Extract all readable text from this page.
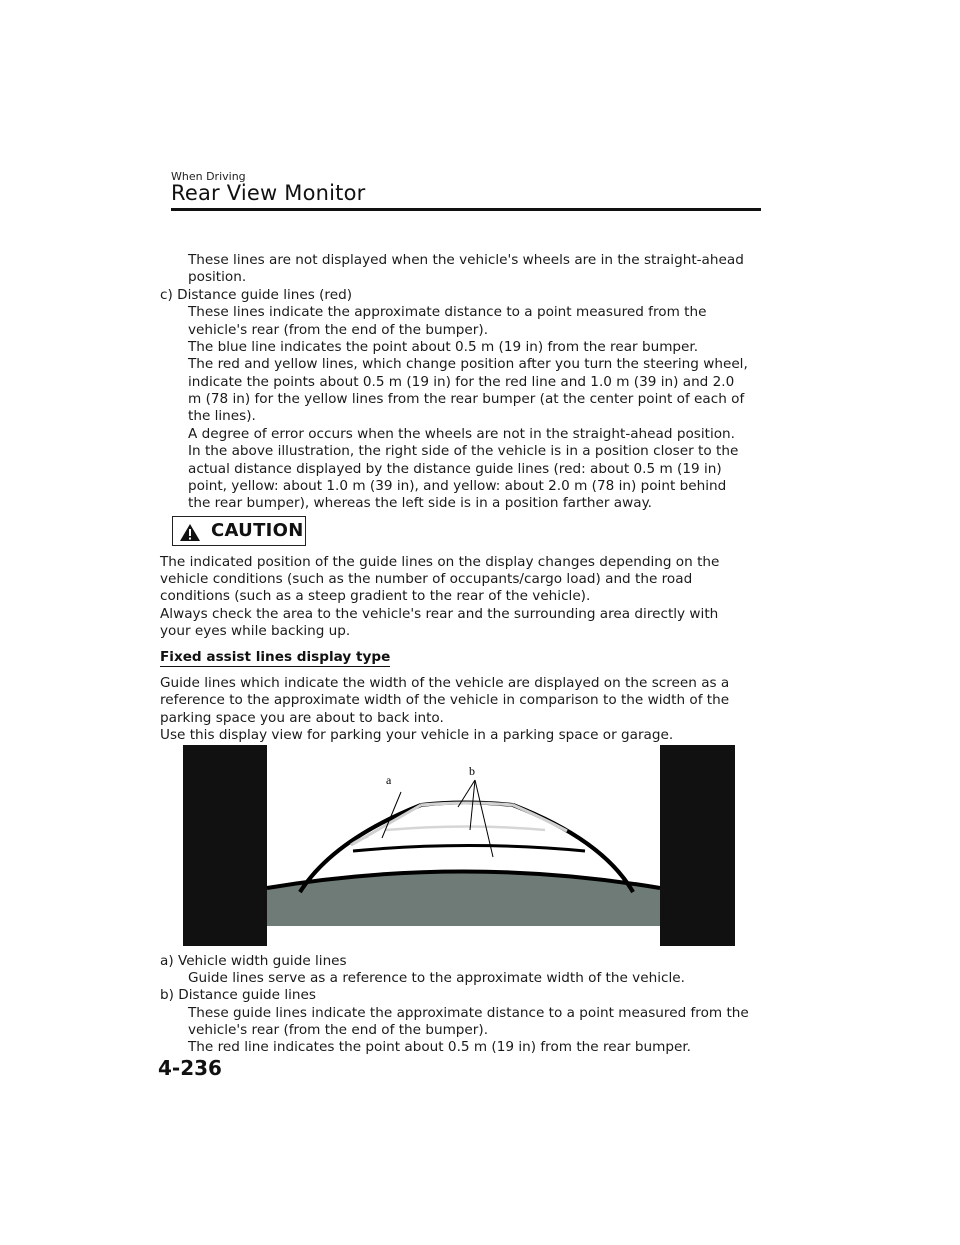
When Driving
Rear View Monitor
These lines are not displayed when the vehicle's wheels are in the straight-ahead
position.
c) Distance guide lines (red)
These lines indicate the approximate distance to a point measured from the
vehicle's rear (from the end of the bumper).
The blue line indicates the point about 0.5 m (19 in) from the rear bumper.
The red and yellow lines, which change position after you turn the steering wheel,
indicate the points about 0.5 m (19 in) for the red line and 1.0 m (39 in) and 2.0
m (78 in) for the yellow lines from the rear bumper (at the center point of each of
the lines).
A degree of error occurs when the wheels are not in the straight-ahead position.
In the above illustration, the right side of the vehicle is in a position closer to the
actual distance displayed by the distance guide lines (red: about 0.5 m (19 in)
point, yellow: about 1.0 m (39 in), and yellow: about 2.0 m (78 in) point behind
the rear bumper), whereas the left side is in a position farther away.
CAUTION
The indicated position of the guide lines on the display changes depending on the
vehicle conditions (such as the number of occupants/cargo load) and the road
conditions (such as a steep gradient to the rear of the vehicle).
Always check the area to the vehicle's rear and the surrounding area directly with
your eyes while backing up.
Fixed assist lines display type
Guide lines which indicate the width of the vehicle are displayed on the screen as a
reference to the approximate width of the vehicle in comparison to the width of the
parking space you are about to back into.
Use this display view for parking your vehicle in a parking space or garage.
a
b
a) Vehicle width guide lines
Guide lines serve as a reference to the approximate width of the vehicle.
b) Distance guide lines
These guide lines indicate the approximate distance to a point measured from the
vehicle's rear (from the end of the bumper).
The red line indicates the point about 0.5 m (19 in) from the rear bumper.
4-236
